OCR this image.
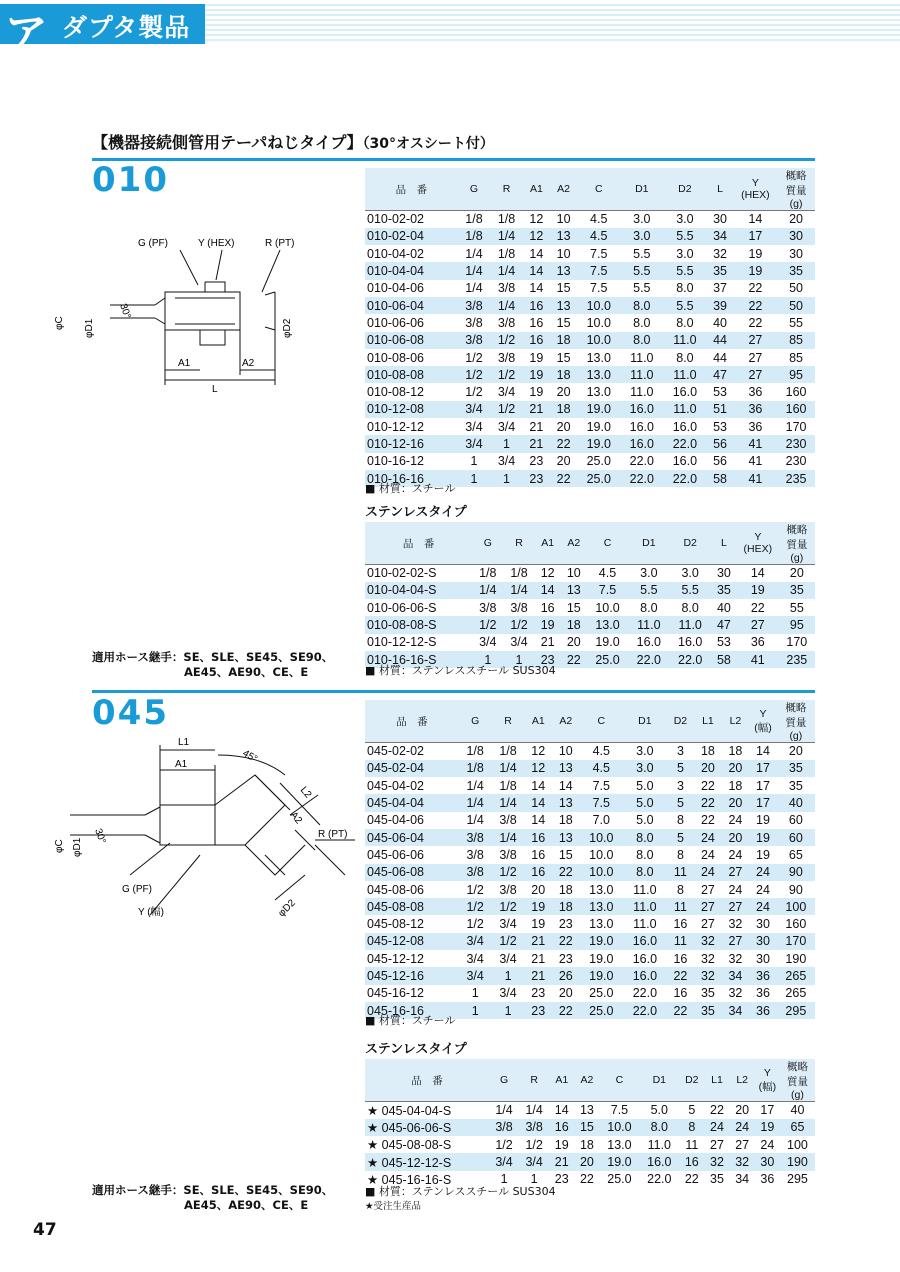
ア ダプタ製品
【機器接続側管用テーパねじタイプ】（30°オスシート付）
010
G (PF)	Y (HEX)	R (PT)
φC φD1
30°
φD2
A1	A2
L
品　番	G	R	A1	A2	C	D1	D2	L	Y
(HEX)	概略
質量
(g)
010-02-02	1/8	1/8	12	10	4.5	3.0	3.0	30	14	20
010-02-04	1/8	1/4	12	13	4.5	3.0	5.5	34	17	30
010-04-02	1/4	1/8	14	10	7.5	5.5	3.0	32	19	30
010-04-04	1/4	1/4	14	13	7.5	5.5	5.5	35	19	35
010-04-06	1/4	3/8	14	15	7.5	5.5	8.0	37	22	50
010-06-04	3/8	1/4	16	13	10.0	8.0	5.5	39	22	50
010-06-06	3/8	3/8	16	15	10.0	8.0	8.0	40	22	55
010-06-08	3/8	1/2	16	18	10.0	8.0	11.0	44	27	85
010-08-06	1/2	3/8	19	15	13.0	11.0	8.0	44	27	85
010-08-08	1/2	1/2	19	18	13.0	11.0	11.0	47	27	95
010-08-12	1/2	3/4	19	20	13.0	11.0	16.0	53	36	160
010-12-08	3/4	1/2	21	18	19.0	16.0	11.0	51	36	160
010-12-12	3/4	3/4	21	20	19.0	16.0	16.0	53	36	170
010-12-16	3/4	1	21	22	19.0	16.0	22.0	56	41	230
010-16-12	1	3/4	23	20	25.0	22.0	16.0	56	41	230
010-16-16	1	1	23	22	25.0	22.0	22.0	58	41	235
■ 材質：スチール
ステンレスタイプ
品　番	G	R	A1	A2	C	D1	D2	L	Y
(HEX)	概略
質量
(g)
010-02-02-S	1/8	1/8	12	10	4.5	3.0	3.0	30	14	20
010-04-04-S	1/4	1/4	14	13	7.5	5.5	5.5	35	19	35
010-06-06-S	3/8	3/8	16	15	10.0	8.0	8.0	40	22	55
010-08-08-S	1/2	1/2	19	18	13.0	11.0	11.0	47	27	95
010-12-12-S	3/4	3/4	21	20	19.0	16.0	16.0	53	36	170
010-16-16-S	1	1	23	22	25.0	22.0	22.0	58	41	235
■ 材質：ステンレススチール SUS304
適用ホース継手：SE、SLE、SE45、SE90、
AE45、AE90、CE、E
045
L1
A1	45°
L2
A2
R (PT)
φC φD1
30°
G (PF)
Y (幅)	φD2
品　番	G	R	A1	A2	C	D1	D2	L1	L2	Y
(幅)	概略
質量
(g)
045-02-02	1/8	1/8	12	10	4.5	3.0	3	18	18	14	20
045-02-04	1/8	1/4	12	13	4.5	3.0	5	20	20	17	35
045-04-02	1/4	1/8	14	14	7.5	5.0	3	22	18	17	35
045-04-04	1/4	1/4	14	13	7.5	5.0	5	22	20	17	40
045-04-06	1/4	3/8	14	18	7.0	5.0	8	22	24	19	60
045-06-04	3/8	1/4	16	13	10.0	8.0	5	24	20	19	60
045-06-06	3/8	3/8	16	15	10.0	8.0	8	24	24	19	65
045-06-08	3/8	1/2	16	22	10.0	8.0	11	24	27	24	90
045-08-06	1/2	3/8	20	18	13.0	11.0	8	27	24	24	90
045-08-08	1/2	1/2	19	18	13.0	11.0	11	27	27	24	100
045-08-12	1/2	3/4	19	23	13.0	11.0	16	27	32	30	160
045-12-08	3/4	1/2	21	22	19.0	16.0	11	32	27	30	170
045-12-12	3/4	3/4	21	23	19.0	16.0	16	32	32	30	190
045-12-16	3/4	1	21	26	19.0	16.0	22	32	34	36	265
045-16-12	1	3/4	23	20	25.0	22.0	16	35	32	36	265
045-16-16	1	1	23	22	25.0	22.0	22	35	34	36	295
■ 材質：スチール
ステンレスタイプ
品　番	G	R	A1	A2	C	D1	D2	L1	L2	Y
(幅)	概略
質量
(g)
★ 045-04-04-S	1/4	1/4	14	13	7.5	5.0	5	22	20	17	40
★ 045-06-06-S	3/8	3/8	16	15	10.0	8.0	8	24	24	19	65
★ 045-08-08-S	1/2	1/2	19	18	13.0	11.0	11	27	27	24	100
★ 045-12-12-S	3/4	3/4	21	20	19.0	16.0	16	32	32	30	190
★ 045-16-16-S	1	1	23	22	25.0	22.0	22	35	34	36	295
■ 材質：ステンレススチール SUS304
★受注生産品
適用ホース継手：SE、SLE、SE45、SE90、
AE45、AE90、CE、E
47
